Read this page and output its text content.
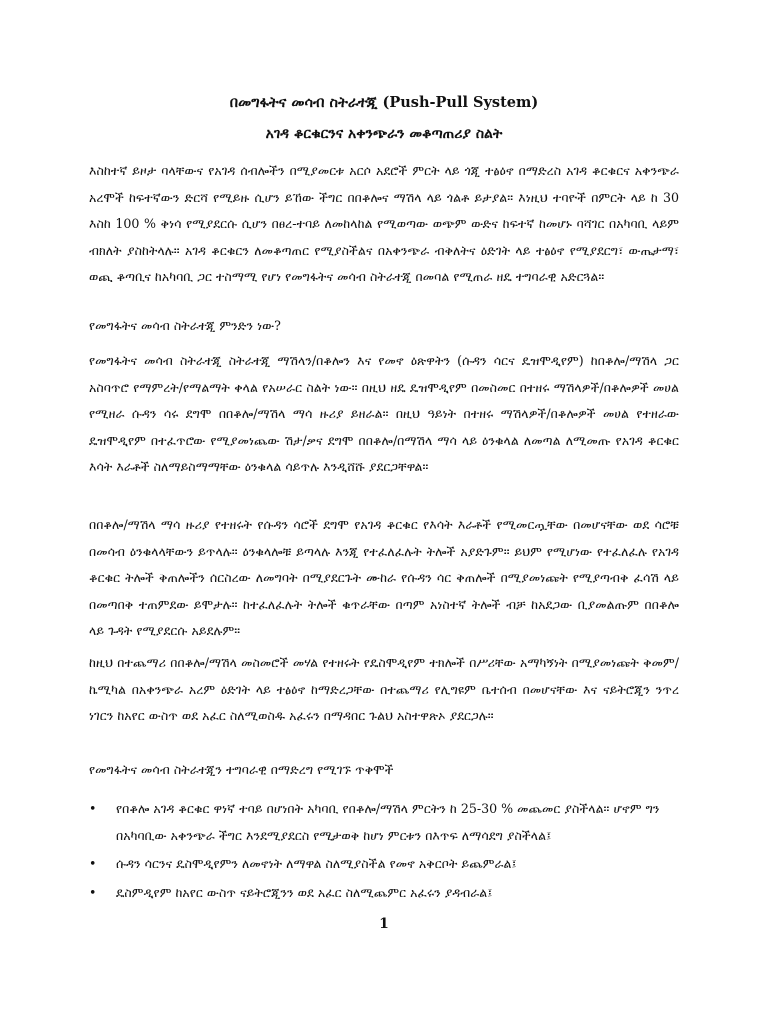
በመግፋትና መሳብ ስትራተጂ (Push-Pull System)
አገዳ ቆርቁርንና አቀንጭራን መቆጣጠሪያ ስልት

እስከተኛ ይዞታ ባላቸውና የአገዳ ሰብሎችን በሚያመርቱ አርሶ አደሮች ምርት ላይ ጎጂ ተፅዕኖ በማድረስ አገዳ ቆርቁርና አቀንጭራ አረሞች ከፍተኛውን ድርሻ የሚይዙ ሲሆን ይኸው ችግር በበቆሎና ማሽላ ላይ ጎልቶ ይታያል። እነዚህ ተባዮች በምርት ላይ ከ 30 እስከ 100 % ቅነሳ የሚያደርሱ ሲሆን በፀረ-ተባይ ለመከላከል የሚወጣው ወጭም ውድና ከፍተኛ ከመሆኑ ባሻገር በአካባቢ ላይም ብክለት ያስከትላሉ። አገዳ ቆርቁርን ለመቆጣጠር የሚያስችልና በአቀንጭራ ብቅለትና ዕድገት ላይ ተፅዕኖ የሚያደርግ፣ ውጤታማ፣ ወጪ ቆጣቢና ከአካባቢ ጋር ተስማሚ የሆነ የመግፋትና መሳብ ስትራተጂ በመባል የሚጠራ ዘዴ ተግባራዊ አድርጓል።

የመግፋትና መሳብ ስትራተጂ ምንድን ነው?

የመግፋትና መሳብ ስትራተጂ ስትራተጂ ማሽላን/በቆሎን እና የመኖ ዕጽዋትን (ሱዳን ሳርና ዴዝሞዲየም) ከበቆሎ/ማሽላ ጋር አስባጥሮ የማምረት/የማልማት ቀላል የአሠራር ስልት ነው። በዚህ ዘዴ ዴዝሞዲየም በመስመር በተዘሩ ማሽላዎች/በቆሎዎች መሀል የሚዘራ ሱዳን ሳሩ ደግሞ በበቆሎ/ማሽላ ማሳ ዙሪያ ይዘራል። በዚህ ዓይነት በተዘሩ ማሽላዎች/በቆሎዎች መሀል የተዘራው ዴዝሞዲየም በተፈጥሮው የሚያመነጨው ሽታ/ቃና ደግሞ በበቆሎ/በማሽላ ማሳ ላይ ዕንቁላል ለመጣል ለሚመጡ የአገዳ ቆርቁር እሳት እራቶች ስለማይስማማቸው ዕንቁላል ሳይጥሉ እንዲሸሹ ያደርጋቸዋል።

በበቆሎ/ማሽላ ማሳ ዙሪያ የተዘሩት የሱዳን ሳሮች ደግሞ የአገዳ ቆርቁር የእሳት እራቶች የሚመርጧቸው በመሆናቸው ወደ ሳሮቹ በመሳብ ዕንቁላላቸውን ይጥላሉ። ዕንቁላሎቹ ይጣላሉ እንጂ የተፈለፈሉት ትሎች አያድጉም። ይህም የሚሆነው የተፈለፈሉ የአገዳ ቆርቁር ትሎች ቅጠሎችን ሰርስረው ለመግባት በሚያደርጉት ሙከራ የሱዳን ሳር ቅጠሎች በሚያመነጩት የሚያጣብቅ ፈሳሽ ላይ በመጣበቅ ተጠምደው ይሞታሉ። ከተፈለፈሉት ትሎች ቁጥራቸው በጣም አነስተኛ ትሎች ብቻ ከአደጋው ቢያመልጡም በበቆሎ ላይ ጉዳት የሚያደርሱ አይደሉም።

ከዚህ በተጨማሪ በበቆሎ/ማሽላ መስመሮች መሃል የተዘሩት የዴስሞዲየም ተክሎች በሥሪቸው አማካኝነት በሚያመነጩት ቅመም/ኬሚካል በአቀንጭራ አረም ዕድገት ላይ ተፅዕኖ ከማድረጋቸው በተጨማሪ የሊግዩም ቤተሰብ በመሆናቸው እና ናይትሮጂን ንጥረ ነገርን ከአየር ውስጥ ወደ አፈር ስለሚወስዱ አፈሩን በማዳበር ጉልህ አስተዋጽኦ ያደርጋሉ።

የመግፋትና መሳብ ስትራተጂን ተግባራዊ በማድረግ የሚገኙ ጥቅሞች

• የበቆሎ አገዳ ቆርቁር ዋነኛ ተባይ በሆነበት አካባቢ የበቆሎ/ማሽላ ምርትን ከ 25-30 % መጨመር ያስችላል። ሆኖም ግን በአካባቢው አቀንጭራ ችግር እንደሚያደርስ የሚታወቅ ከሆነ ምርቱን በእጥፍ ለማሳደግ ያስችላል፤
• ሱዳን ሳርንና ዴስሞዲየምን ለመኖነት ለማዋል ስለሚያስችል የመኖ አቅርቦት ይጨምራል፤
• ዴስምዲየም ከአየር ውስጥ ናይትሮጂንን ወደ አፈር ስለሚጨምር አፈሩን ያዳብራል፤
1
